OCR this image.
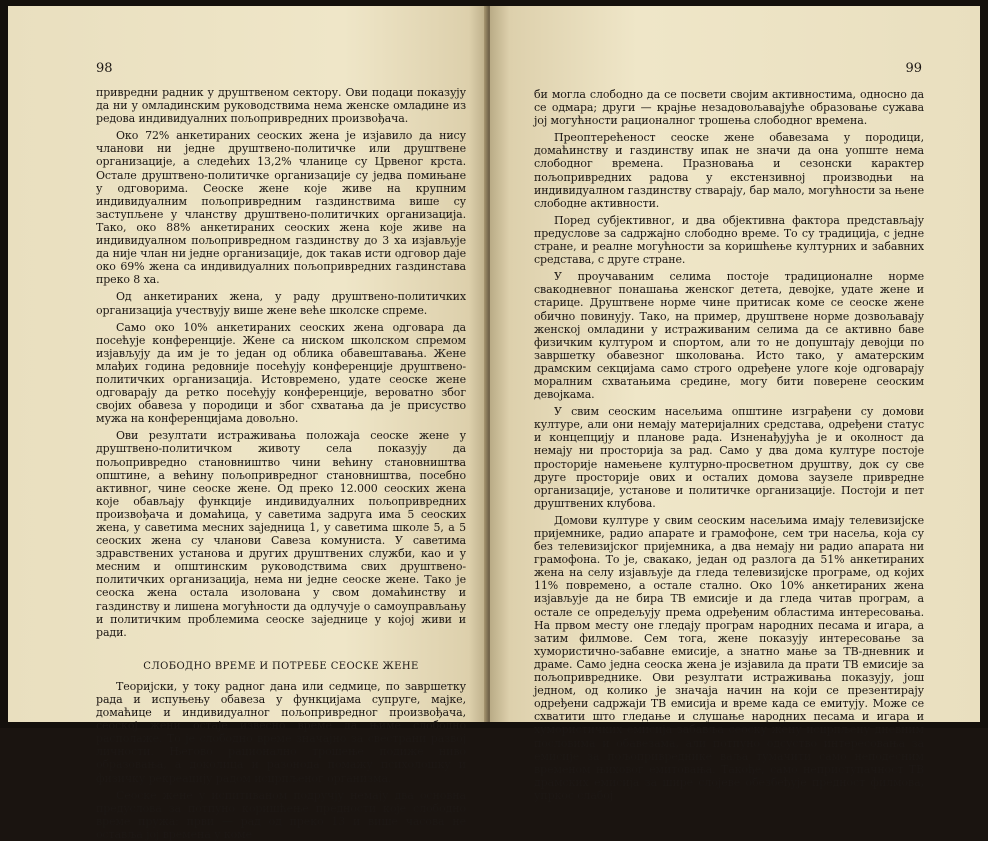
98

привредни радник у друштвеном сектору. Ови подаци показују да ни у омладинским руководствима нема женске омладине из редова индивидуалних пољопривредних произвођача.

Око 72% анкетираних сеоских жена је изјавило да нису чланови ни једне друштвено-политичке или друштвене организације, а следећих 13,2% чланице су Црвеног крста. Остале друштвено-политичке организације су једва помињане у одговорима. Сеоске жене које живе на крупним индивидуалним пољопривредним газдинствима више су заступљене у чланству друштвено-политичких организација. Тако, око 88% анкетираних сеоских жена које живе на индивидуалном пољопривредном газдинству до 3 ха изјављује да није члан ни једне организације, док такав исти одговор даје око 69% жена са индивидуалних пољопривредних газдинстава преко 8 ха.

Од анкетираних жена, у раду друштвено-политичких организација учествују више жене веће школске спреме.

Само око 10% анкетираних сеоских жена одговара да посећује конференције. Жене са ниском школском спремом изјављују да им је то један од облика обавештавања. Жене млађих година редовније посећују конференције друштвено-политичких организација. Истовремено, удате сеоске жене одговарају да ретко посећују конференције, вероватно због својих обавеза у породици и због схватања да је присуство мужа на конференцијама довољно.

Ови резултати истраживања положаја сеоске жене у друштвено-политичком животу села показују да пољопривредно становништво чини већину становништва општине, а већину пољопривредног становништва, посебно активног, чине сеоске жене. Од преко 12.000 сеоских жена које обављају функције индивидуалних пољопривредних произвођача и домаћица, у саветима задруга има 5 сеоских жена, у саветима месних заједница 1, у саветима школе 5, а 5 сеоских жена су чланови Савеза комуниста. У саветима здравствених установа и других друштвених служби, као и у месним и општинским руководствима свих друштвено-политичких организација, нема ни једне сеоске жене. Тако је сеоска жена остала изолована у свом домаћинству и газдинству и лишена могућности да одлучује о самоуправљању и политичким проблемима сеоске заједнице у којој живи и ради.

СЛОБОДНО ВРЕМЕ И ПОТРЕБЕ СЕОСКЕ ЖЕНЕ

Теоријски, у току радног дана или седмице, по завршетку рада и испуњењу обавеза у функцијама супруге, мајке, домаћице и индивидуалног пољопривредног произвођача, сеоској жени остаје извесно време да њиме слободно располаже. То је слободно време значајно за свестрани развој личности. Његово рационално трошење подиже ниво образовања, а доколица и разонода помажу психолошку и физичку рекреацију радом исцрпљеног организма.

Сеоске жене у испитиваном подручју немају два основна предуслова за потпуно коришћење предности које слободно време пружа: први — рад од преко 13 и више часова не оставља јој времена у коме

99

би могла слободно да се посвети својим активностима, односно да се одмара; други — крајње незадовољавајуће образовање сужава јој могућности рационалног трошења слободног времена.

Преоптерећеност сеоске жене обавезама у породици, домаћинству и газдинству ипак не значи да она уопште нема слободног времена. Празновања и сезонски карактер пољопривредних радова у екстензивној производњи на индивидуалном газдинству стварају, бар мало, могућности за њене слободне активности.

Поред субјективног, и два објективна фактора представљају предуслове за садржајно слободно време. То су традиција, с једне стране, и реалне могућности за коришћење културних и забавних средстава, с друге стране.

У проучаваним селима постоје традиционалне норме свакодневног понашања женског детета, девојке, удате жене и старице. Друштвене норме чине притисак коме се сеоске жене обично повинују. Тако, на пример, друштвене норме дозвољавају женској омладини у истраживаним селима да се активно баве физичким културом и спортом, али то не допуштају девојци по завршетку обавезног школовања. Исто тако, у аматерским драмским секцијама само строго одређене улоге које одговарају моралним схватањима средине, могу бити поверене сеоским девојкама.

У свим сеоским насељима општине изграђени су домови културе, али они немају материјалних средстава, одређени статус и концепцију и планове рада. Изненађујућа је и околност да немају ни просторија за рад. Само у два дома културе постоје просторије намењене културно-просветном друштву, док су све друге просторије ових и осталих домова заузеле привредне организације, установе и политичке организације. Постоји и пет друштвених клубова.

Домови културе у свим сеоским насељима имају телевизијске пријемнике, радио апарате и грамофоне, сем три насеља, која су без телевизијског пријемника, а два немају ни радио апарата ни грамофона. То је, свакако, један од разлога да 51% анкетираних жена на селу изјављује да гледа телевизијске програме, од којих 11% повремено, а остале стално. Око 10% анкетираних жена изјављује да не бира ТВ емисије и да гледа читав програм, а остале се опредељују према одређеним областима интересовања. На првом месту оне гледају програм народних песама и игара, а затим филмове. Сем тога, жене показују интересовање за хумористично-забавне емисије, а знатно мање за ТВ-дневник и драме. Само једна сеоска жена је изјавила да прати ТВ емисије за пољопривреднике. Ови резултати истраживања показују, још једном, од колико је значаја начин на који се презентирају одређени садржаји ТВ емисија и време када се емитују. Може се схватити што гледање и слушање народних песама и игара и хумористичких емисија забавља сеоску жену исцрпљену дневним пословима и обавезама, али потпуно одсуство интересовања за емисије за пољопривреднике ваља тумачити само неподесним временом њиховог емитовања. Такође, само неприступачност ТВ драмских емисија за шире слојеве обезбеђује предност филмова, упркос слабој
